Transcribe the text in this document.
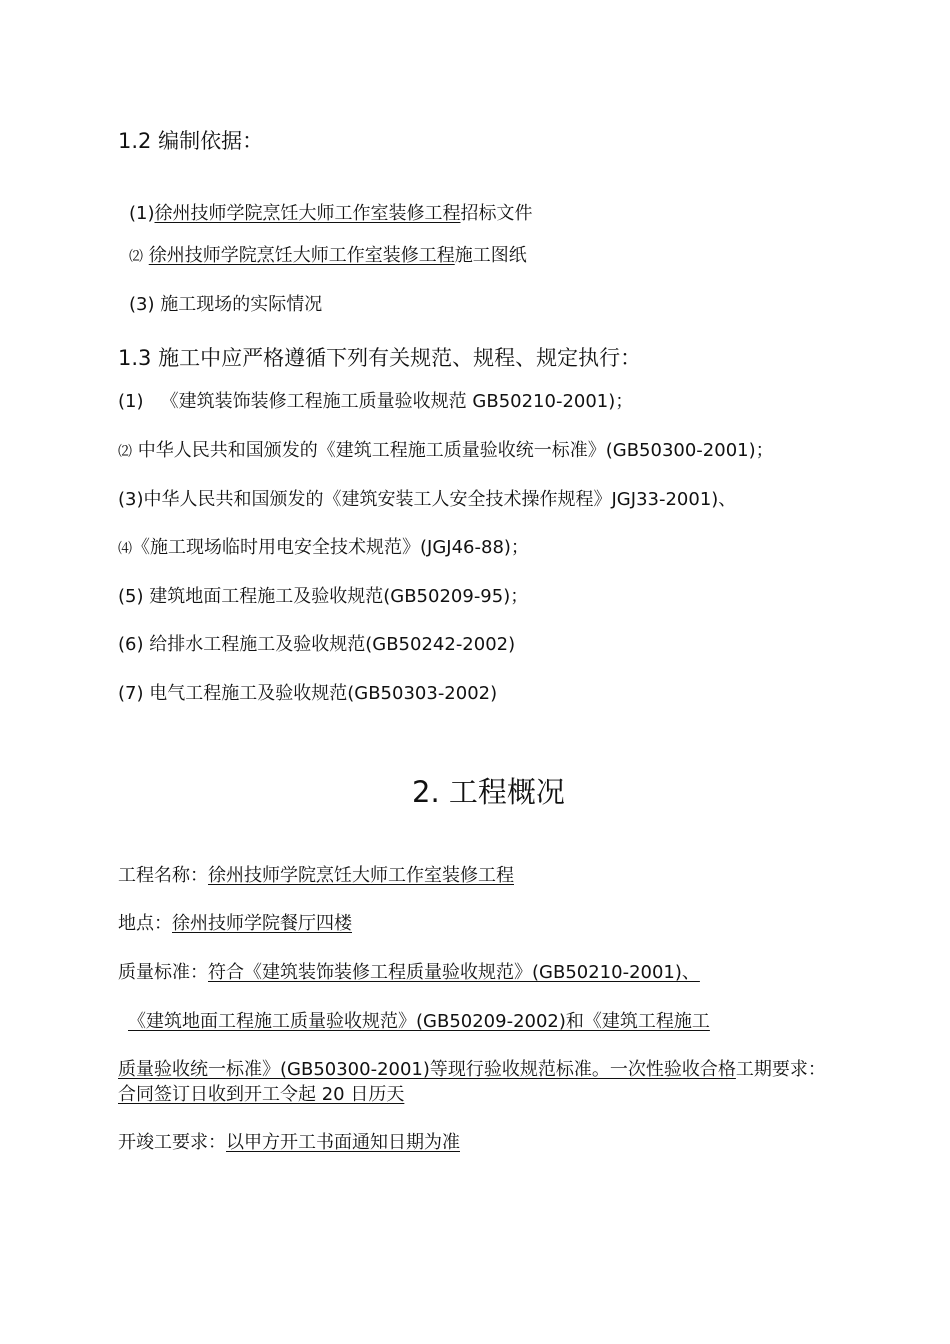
1.2 编制依据：
(1)徐州技师学院烹饪大师工作室装修工程招标文件
⑵ 徐州技师学院烹饪大师工作室装修工程施工图纸
(3) 施工现场的实际情况
1.3 施工中应严格遵循下列有关规范、规程、规定执行：
(1) 《建筑装饰装修工程施工质量验收规范 GB50210-2001)；
⑵ 中华人民共和国颁发的《建筑工程施工质量验收统一标准》(GB50300-2001)；
(3)中华人民共和国颁发的《建筑安装工人安全技术操作规程》JGJ33-2001)、
⑷《施工现场临时用电安全技术规范》(JGJ46-88)；
(5) 建筑地面工程施工及验收规范(GB50209-95)；
(6) 给排水工程施工及验收规范(GB50242-2002)
(7) 电气工程施工及验收规范(GB50303-2002)
2. 工程概况
工程名称：徐州技师学院烹饪大师工作室装修工程
地点：徐州技师学院餐厅四楼
质量标准：符合《建筑装饰装修工程质量验收规范》(GB50210-2001)、
《建筑地面工程施工质量验收规范》(GB50209-2002)和《建筑工程施工
质量验收统一标准》(GB50300-2001)等现行验收规范标准。一次性验收合格工期要求：
合同签订日收到开工令起 20 日历天
开竣工要求：以甲方开工书面通知日期为准
